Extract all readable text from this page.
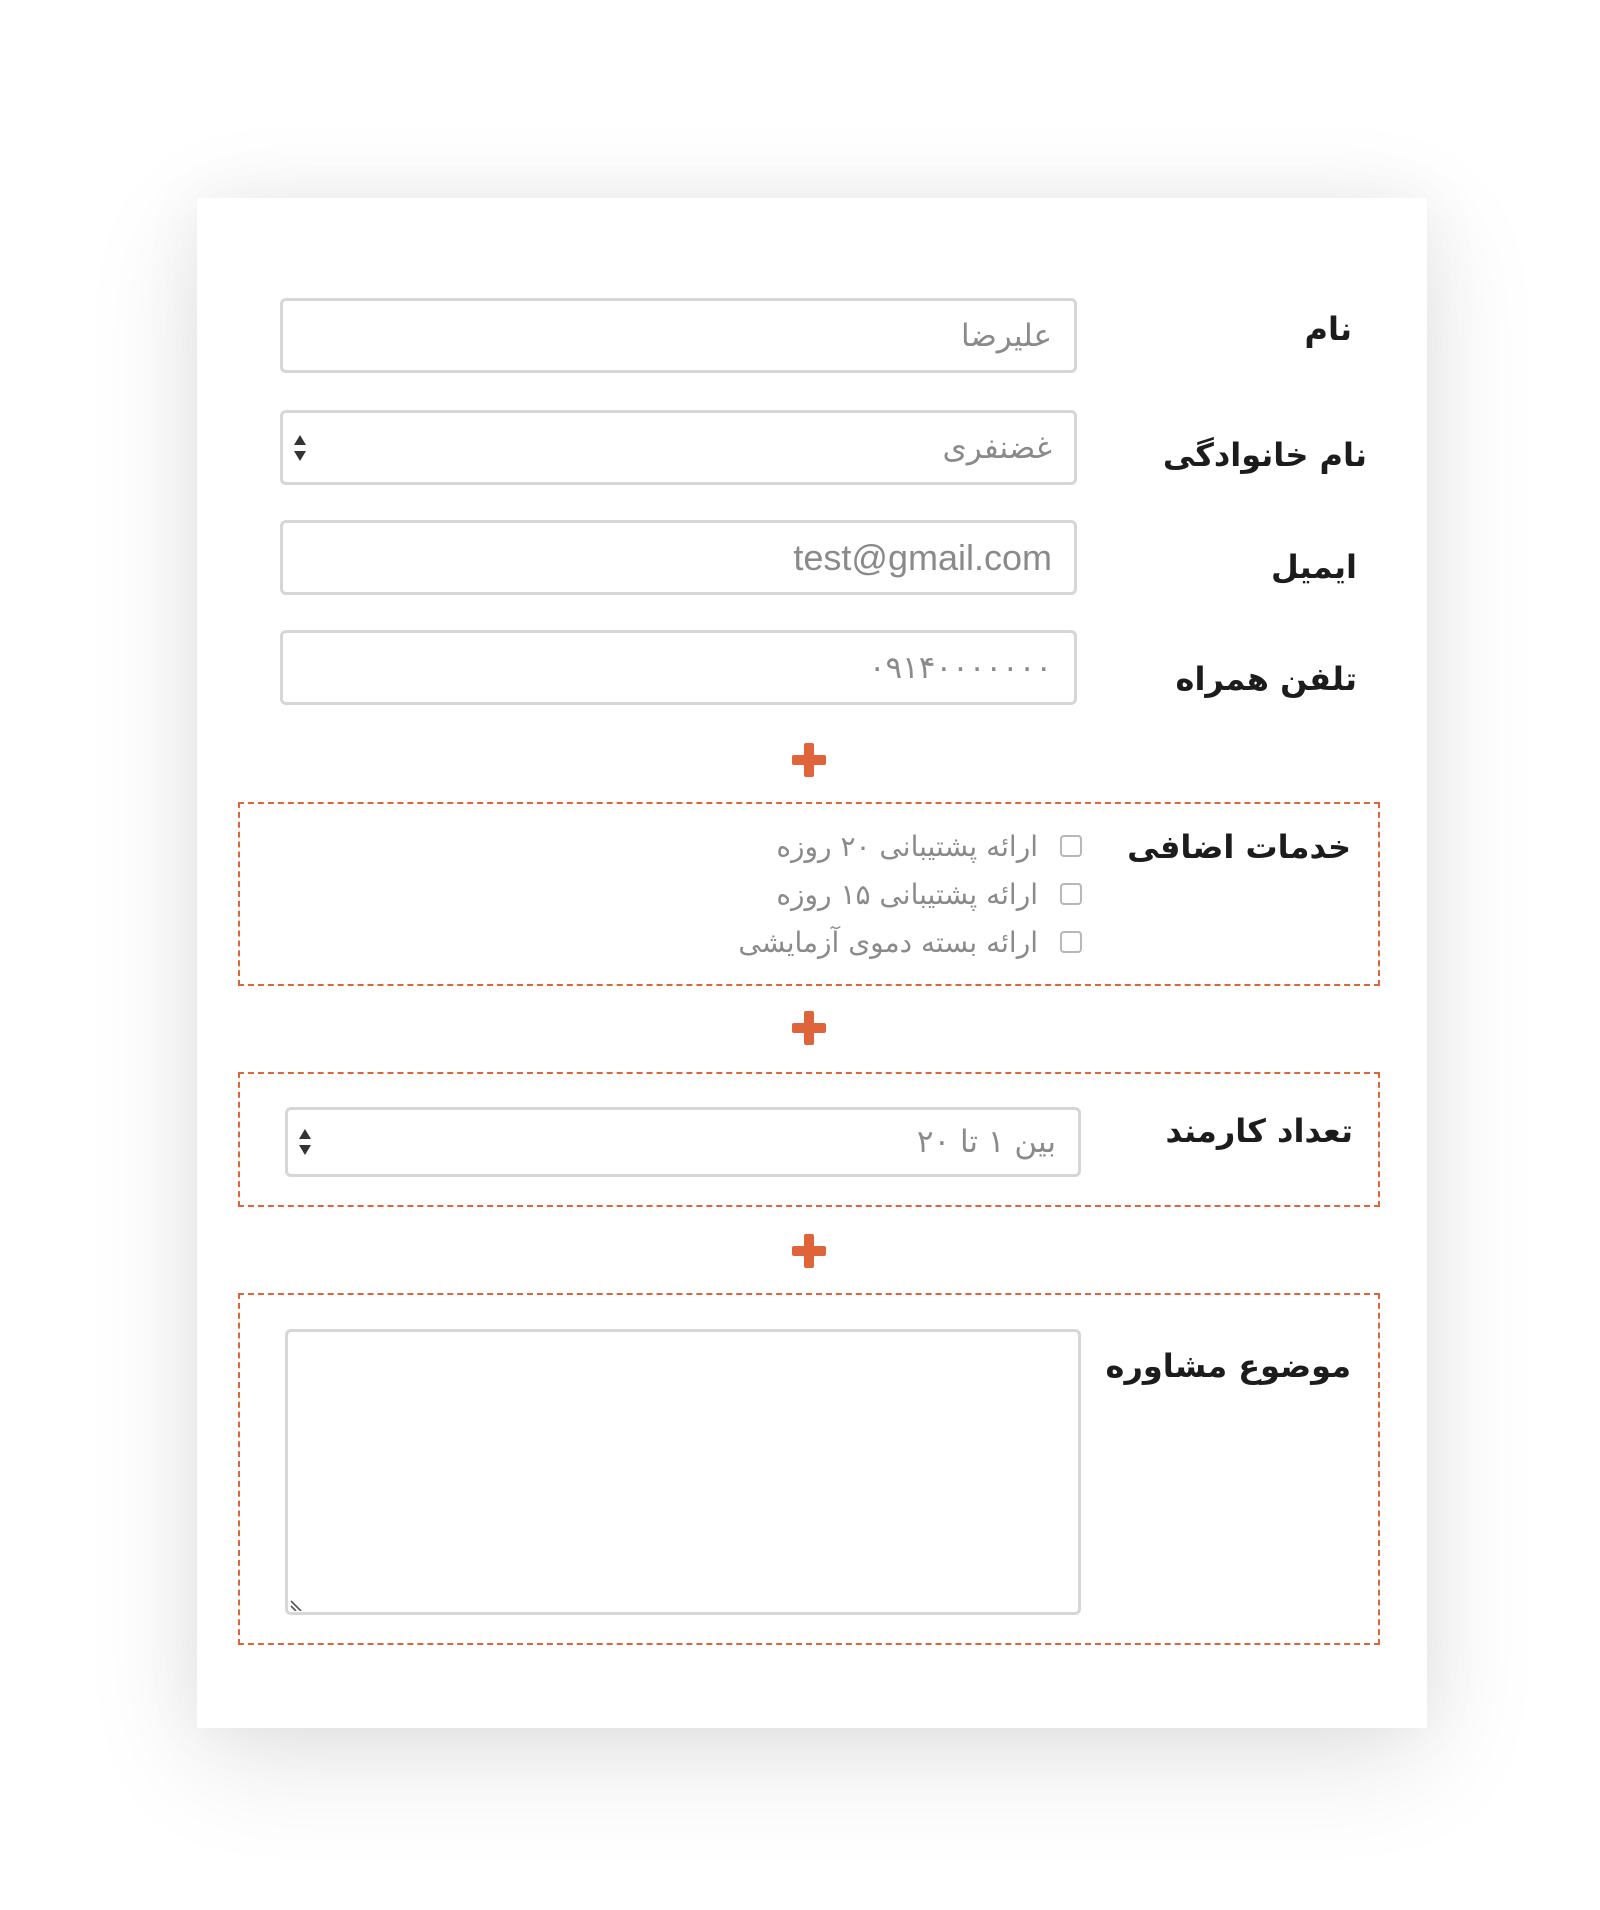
نام
علیرضا
نام خانوادگی
غضنفری
ایمیل
test@gmail.com
تلفن همراه
۰۹۱۴۰۰۰۰۰۰۰
خدمات اضافی
ارائه پشتیبانی ۲۰ روزه
ارائه پشتیبانی ۱۵ روزه
ارائه بسته دموی آزمایشی
تعداد کارمند
بین ۱ تا ۲۰
موضوع مشاوره
